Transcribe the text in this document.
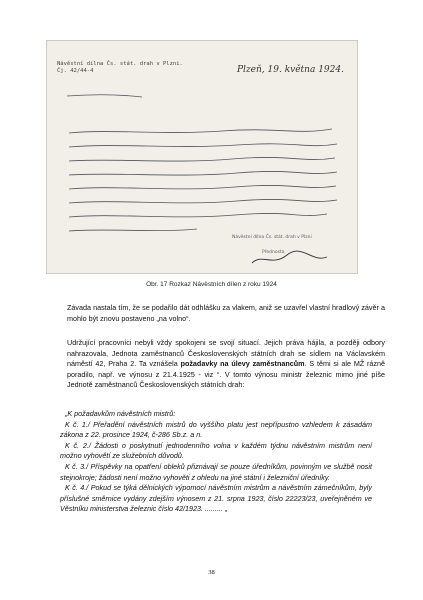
Návěstní dílna Čs. stát. drah v Plzni.
Čj. 42/44-4	Plzeň, 19. května 1924.
Návěstní dílna Čs. stát. drah v Plzni
Přednosta
Obr. 17 Rozkaz Návěstních dílen z roku 1924
Závada nastala tím, že se podařilo dát odhlášku za vlakem, aniž se uzavřel vlastní hradlový závěr a mohlo být znovu postaveno „na volno“.
Udržující pracovníci nebyli vždy spokojeni se svojí situací. Jejich práva hájila, a později odbory nahrazovala, Jednota zaměstnanců Československých státních drah se sídlem na Václavském náměstí 42, Praha 2. Ta vznášela požadavky na úlevy zaměstnancům. S těmi si ale MŽ rázně poradilo, např. ve výnosu z 21.4.1925 - viz “. V tomto výnosu ministr železnic mimo jiné píše Jednotě zaměstnanců Československých státních drah:
„K požadavkům návěstních mistrů:
K č. 1./ Přeřadění návěstních mistrů do vyššího platu jest nepřípustno vzhledem k zásadám zákona z 22. prosince 1924, č-286 Sb.z. a n.
K č. 2./ Žádosti o poskytnutí jednodenního volna v každém týdnu návěstním mistrům není možno vyhovětí ze služebních důvodů.
K č. 3./ Příspěvky na opatření obleků přiznávají se pouze úředníkům, povinným ve službě nosit stejnokroje; žádosti není možno vyhověti z ohledu na jiné státní i železniční úředníky.
K č. 4./ Pokud se týká dělnických výpomocí návěstním mistrům a návěstním zámečníkům, byly příslušné směrnice vydány zdejším výnosem z 21. srpna 1923, číslo 22223/23, uveřejněném ve Věstníku ministerstva železnic číslo 42/1923. ......... „
38
